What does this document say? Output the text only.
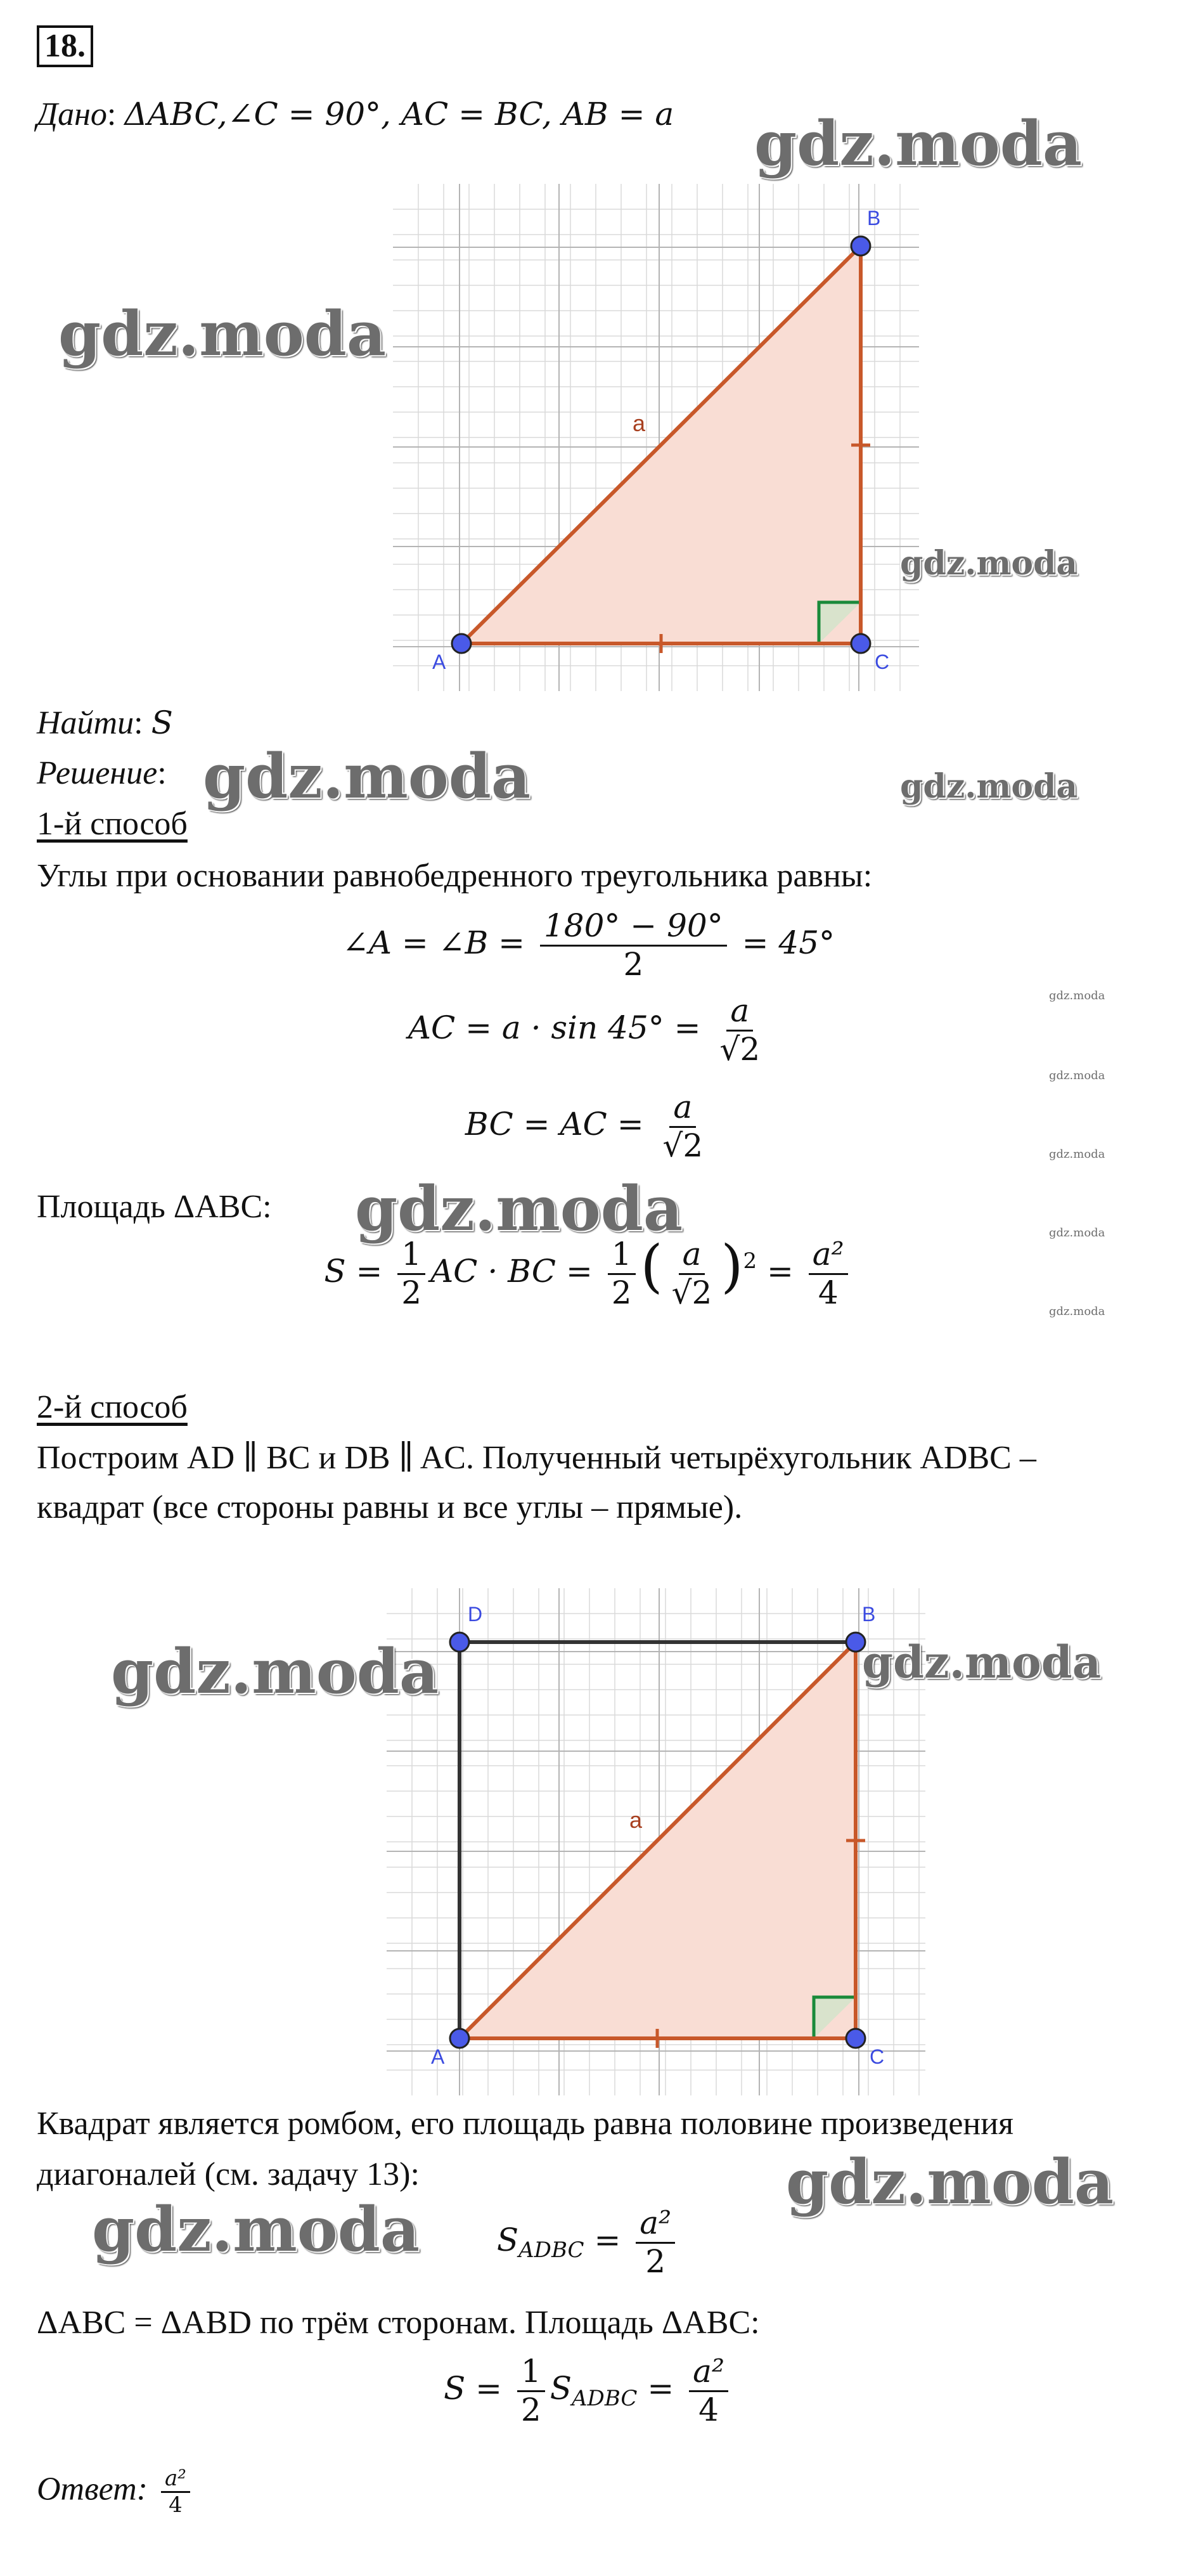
18.
Дано: ΔABC,∠C = 90°, AC = BC, AB = a
A
B
C
a
Найти: S
Решение:
1-й способ
Углы при основании равнобедренного треугольника равны:
∠A = ∠B = $\frac{180^\circ - 90^\circ}{2} = 45^\circ$
AC = $a \cdot \sin 45^\circ = \frac{a}{√2}$
BC = AC = $\frac{a}{√2}$
Площадь ΔABC:
$S = \frac{1}{2}$ AC · BC = $\frac{1}{2}$ ( $\frac{a}{√2} )^2 = \frac{\text{a²}}{4}$
2-й способ
Построим AD ∥ BC и DB ∥ AC. Полученный четырёхугольник ADBC –
квадрат (все стороны равны и все углы – прямые).
A
B
C
D
a
Квадрат является ромбом, его площадь равна половине произведения
диагоналей (см. задачу 13):
$S_{ADBC} = \frac{\text{a²}}{2}$
ΔABC = ΔABD по трём сторонам. Площадь ΔABC:
$S = \frac{1}{2} S_{ADBC} = \frac{\text{a²}}{4}$
Ответ: $\frac{\text{a²}}{4}$
gdz.moda
gdz.moda
gdz.moda
gdz.moda	gdz.moda
gdz.moda
gdz.moda
gdz.moda
gdz.moda
gdz.moda
gdz.moda
gdz.moda	gdz.moda
gdz.moda
gdz.moda
